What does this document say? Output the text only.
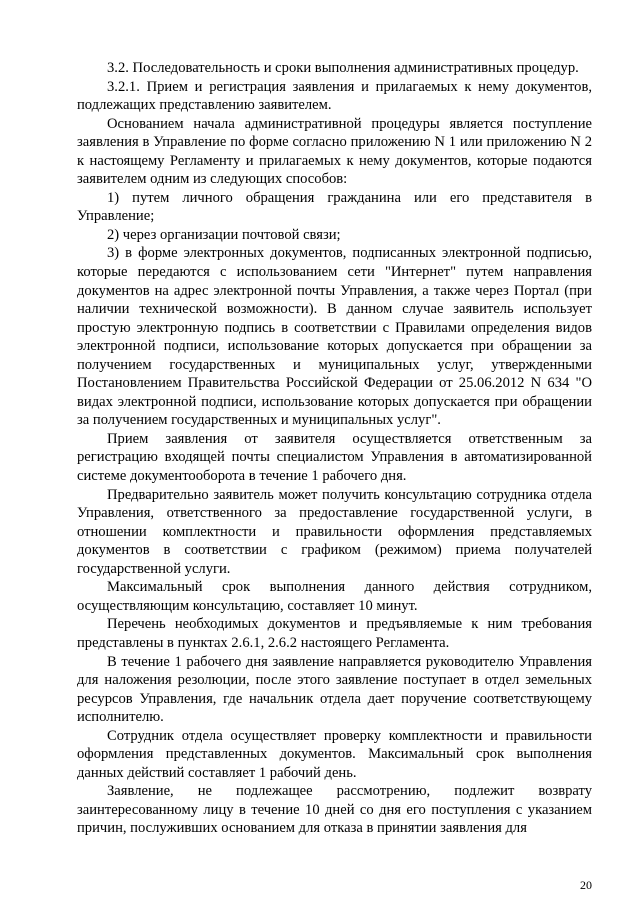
3.2. Последовательность и сроки выполнения административных процедур.

3.2.1. Прием и регистрация заявления и прилагаемых к нему документов, подлежащих представлению заявителем.

Основанием начала административной процедуры является поступление заявления в Управление по форме согласно приложению N 1 или приложению N 2 к настоящему Регламенту и прилагаемых к нему документов, которые подаются заявителем одним из следующих способов:

1) путем личного обращения гражданина или его представителя в Управление;

2) через организации почтовой связи;

3) в форме электронных документов, подписанных электронной подписью, которые передаются с использованием сети "Интернет" путем направления документов на адрес электронной почты Управления, а также через Портал (при наличии технической возможности). В данном случае заявитель использует простую электронную подпись в соответствии с Правилами определения видов электронной подписи, использование которых допускается при обращении за получением государственных и муниципальных услуг, утвержденными Постановлением Правительства Российской Федерации от 25.06.2012 N 634 "О видах электронной подписи, использование которых допускается при обращении за получением государственных и муниципальных услуг".

Прием заявления от заявителя осуществляется ответственным за регистрацию входящей почты специалистом Управления в автоматизированной системе документооборота в течение 1 рабочего дня.

Предварительно заявитель может получить консультацию сотрудника отдела Управления, ответственного за предоставление государственной услуги, в отношении комплектности и правильности оформления представляемых документов в соответствии с графиком (режимом) приема получателей государственной услуги.

Максимальный срок выполнения данного действия сотрудником, осуществляющим консультацию, составляет 10 минут.

Перечень необходимых документов и предъявляемые к ним требования представлены в пунктах 2.6.1, 2.6.2 настоящего Регламента.

В течение 1 рабочего дня заявление направляется руководителю Управления для наложения резолюции, после этого заявление поступает в отдел земельных ресурсов Управления, где начальник отдела дает поручение соответствующему исполнителю.

Сотрудник отдела осуществляет проверку комплектности и правильности оформления представленных документов. Максимальный срок выполнения данных действий составляет 1 рабочий день.

Заявление, не подлежащее рассмотрению, подлежит возврату заинтересованному лицу в течение 10 дней со дня его поступления с указанием причин, послуживших основанием для отказа в принятии заявления для

20
